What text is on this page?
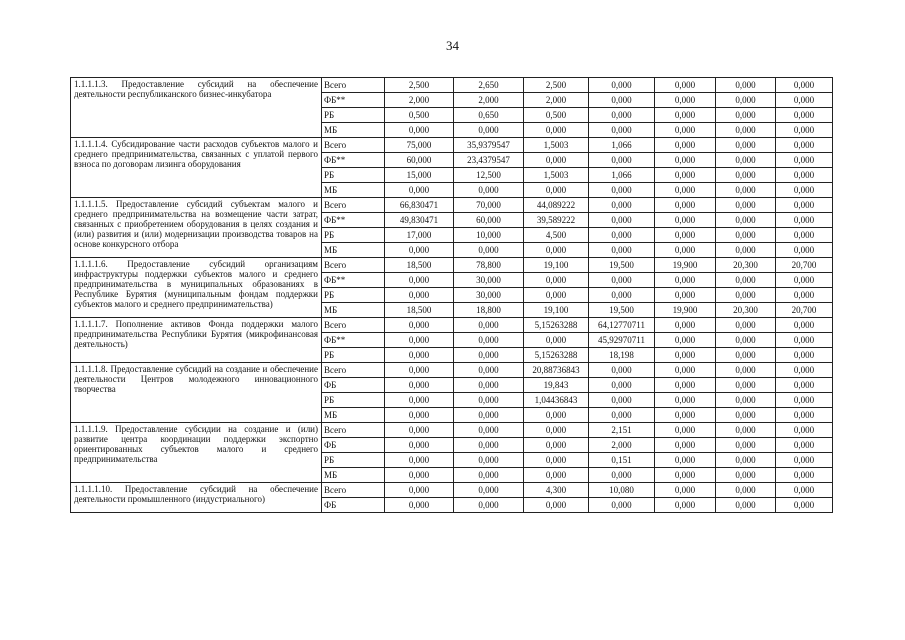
34
1.1.1.1.3. Предоставление субсидий на обеспечение деятельности республиканского бизнес-инкубатора	Всего	2,500	2,650	2,500	0,000	0,000	0,000	0,000
	ФБ**	2,000	2,000	2,000	0,000	0,000	0,000	0,000
	РБ	0,500	0,650	0,500	0,000	0,000	0,000	0,000
	МБ	0,000	0,000	0,000	0,000	0,000	0,000	0,000
1.1.1.1.4. Субсидирование части расходов субъектов малого и среднего предпринимательства, связанных с уплатой первого взноса по договорам лизинга оборудования	Всего	75,000	35,9379547	1,5003	1,066	0,000	0,000	0,000
	ФБ**	60,000	23,4379547	0,000	0,000	0,000	0,000	0,000
	РБ	15,000	12,500	1,5003	1,066	0,000	0,000	0,000
	МБ	0,000	0,000	0,000	0,000	0,000	0,000	0,000
1.1.1.1.5. Предоставление субсидий субъектам малого и среднего предпринимательства на возмещение части затрат, связанных с приобретением оборудования в целях создания и (или) развития и (или) модернизации производства товаров на основе конкурсного отбора	Всего	66,830471	70,000	44,089222	0,000	0,000	0,000	0,000
	ФБ**	49,830471	60,000	39,589222	0,000	0,000	0,000	0,000
	РБ	17,000	10,000	4,500	0,000	0,000	0,000	0,000
	МБ	0,000	0,000	0,000	0,000	0,000	0,000	0,000
1.1.1.1.6. Предоставление субсидий организациям инфраструктуры поддержки субъектов малого и среднего предпринимательства в муниципальных образованиях в Республике Бурятия (муниципальным фондам поддержки субъектов малого и среднего предпринимательства)	Всего	18,500	78,800	19,100	19,500	19,900	20,300	20,700
	ФБ**	0,000	30,000	0,000	0,000	0,000	0,000	0,000
	РБ	0,000	30,000	0,000	0,000	0,000	0,000	0,000
	МБ	18,500	18,800	19,100	19,500	19,900	20,300	20,700
1.1.1.1.7. Пополнение активов Фонда поддержки малого предпринимательства Республики Бурятия (микрофинансовая деятельность)	Всего	0,000	0,000	5,15263288	64,12770711	0,000	0,000	0,000
	ФБ**	0,000	0,000	0,000	45,92970711	0,000	0,000	0,000
	РБ	0,000	0,000	5,15263288	18,198	0,000	0,000	0,000
1.1.1.1.8. Предоставление субсидий на создание и обеспечение деятельности Центров молодежного инновационного творчества	Всего	0,000	0,000	20,88736843	0,000	0,000	0,000	0,000
	ФБ	0,000	0,000	19,843	0,000	0,000	0,000	0,000
	РБ	0,000	0,000	1,04436843	0,000	0,000	0,000	0,000
	МБ	0,000	0,000	0,000	0,000	0,000	0,000	0,000
1.1.1.1.9. Предоставление субсидии на создание и (или) развитие центра координации поддержки экспортно ориентированных субъектов малого и среднего предпринимательства	Всего	0,000	0,000	0,000	2,151	0,000	0,000	0,000
	ФБ	0,000	0,000	0,000	2,000	0,000	0,000	0,000
	РБ	0,000	0,000	0,000	0,151	0,000	0,000	0,000
	МБ	0,000	0,000	0,000	0,000	0,000	0,000	0,000
1.1.1.1.10. Предоставление субсидий на обеспечение деятельности промышленного (индустриального)	Всего	0,000	0,000	4,300	10,080	0,000	0,000	0,000
	ФБ	0,000	0,000	0,000	0,000	0,000	0,000	0,000
